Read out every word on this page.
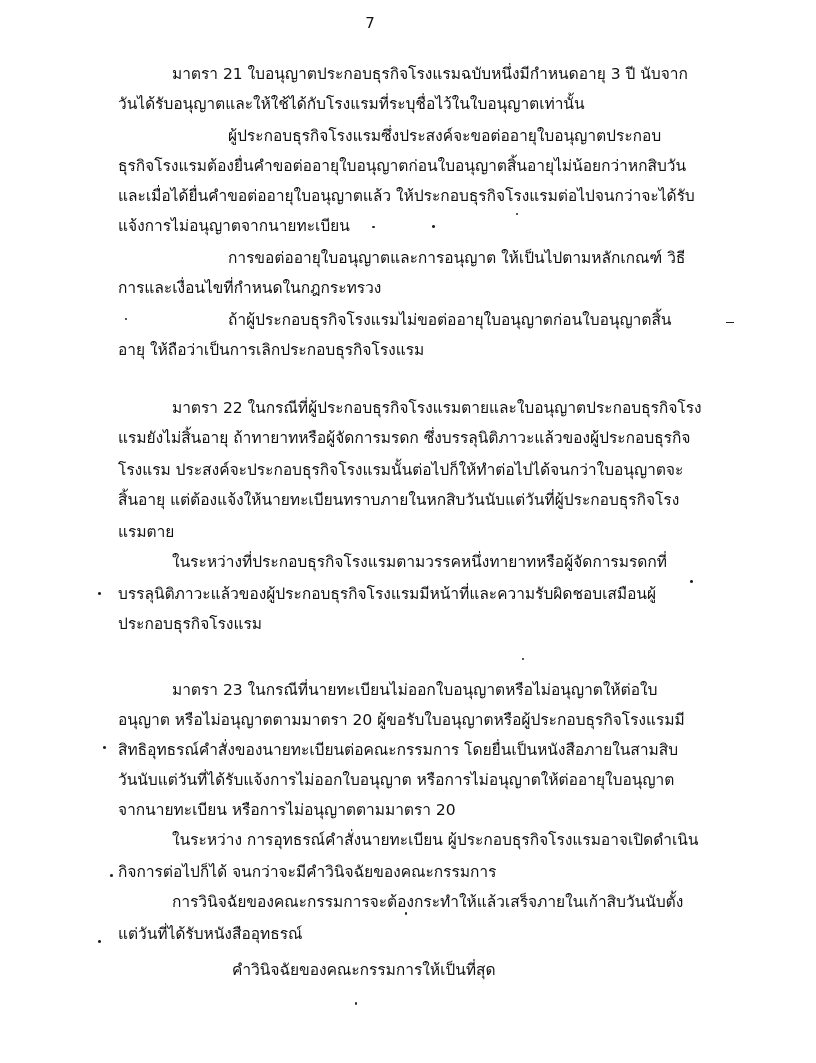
7
มาตรา 21 ใบอนุญาตประกอบธุรกิจโรงแรมฉบับหนึ่งมีกำหนดอายุ 3 ปี นับจาก
วันได้รับอนุญาตและให้ใช้ได้กับโรงแรมที่ระบุชื่อไว้ในใบอนุญาตเท่านั้น
ผู้ประกอบธุรกิจโรงแรมซึ่งประสงค์จะขอต่ออายุใบอนุญาตประกอบ
ธุรกิจโรงแรมต้องยื่นคำขอต่ออายุใบอนุญาตก่อนใบอนุญาตสิ้นอายุไม่น้อยกว่าหกสิบวัน
และเมื่อได้ยื่นคำขอต่ออายุใบอนุญาตแล้ว ให้ประกอบธุรกิจโรงแรมต่อไปจนกว่าจะได้รับ
แจ้งการไม่อนุญาตจากนายทะเบียน
การขอต่ออายุใบอนุญาตและการอนุญาต ให้เป็นไปตามหลักเกณฑ์ วิธี
การและเงื่อนไขที่กำหนดในกฎกระทรวง
ถ้าผู้ประกอบธุรกิจโรงแรมไม่ขอต่ออายุใบอนุญาตก่อนใบอนุญาตสิ้น
อายุ ให้ถือว่าเป็นการเลิกประกอบธุรกิจโรงแรม
มาตรา 22 ในกรณีที่ผู้ประกอบธุรกิจโรงแรมตายและใบอนุญาตประกอบธุรกิจโรง
แรมยังไม่สิ้นอายุ ถ้าทายาทหรือผู้จัดการมรดก ซึ่งบรรลุนิติภาวะแล้วของผู้ประกอบธุรกิจ
โรงแรม ประสงค์จะประกอบธุรกิจโรงแรมนั้นต่อไปก็ให้ทำต่อไปได้จนกว่าใบอนุญาตจะ
สิ้นอายุ แต่ต้องแจ้งให้นายทะเบียนทราบภายในหกสิบวันนับแต่วันที่ผู้ประกอบธุรกิจโรง
แรมตาย
ในระหว่างที่ประกอบธุรกิจโรงแรมตามวรรคหนึ่งทายาทหรือผู้จัดการมรดกที่
บรรลุนิติภาวะแล้วของผู้ประกอบธุรกิจโรงแรมมีหน้าที่และความรับผิดชอบเสมือนผู้
ประกอบธุรกิจโรงแรม
มาตรา 23 ในกรณีที่นายทะเบียนไม่ออกใบอนุญาตหรือไม่อนุญาตให้ต่อใบ
อนุญาต หรือไม่อนุญาตตามมาตรา 20 ผู้ขอรับใบอนุญาตหรือผู้ประกอบธุรกิจโรงแรมมี
สิทธิอุทธรณ์คำสั่งของนายทะเบียนต่อคณะกรรมการ โดยยื่นเป็นหนังสือภายในสามสิบ
วันนับแต่วันที่ได้รับแจ้งการไม่ออกใบอนุญาต หรือการไม่อนุญาตให้ต่ออายุใบอนุญาต
จากนายทะเบียน หรือการไม่อนุญาตตามมาตรา 20
ในระหว่าง การอุทธรณ์คำสั่งนายทะเบียน ผู้ประกอบธุรกิจโรงแรมอาจเปิดดำเนิน
กิจการต่อไปก็ได้ จนกว่าจะมีคำวินิจฉัยของคณะกรรมการ
การวินิจฉัยของคณะกรรมการจะต้องกระทำให้แล้วเสร็จภายในเก้าสิบวันนับตั้ง
แต่วันที่ได้รับหนังสืออุทธรณ์
คำวินิจฉัยของคณะกรรมการให้เป็นที่สุด
